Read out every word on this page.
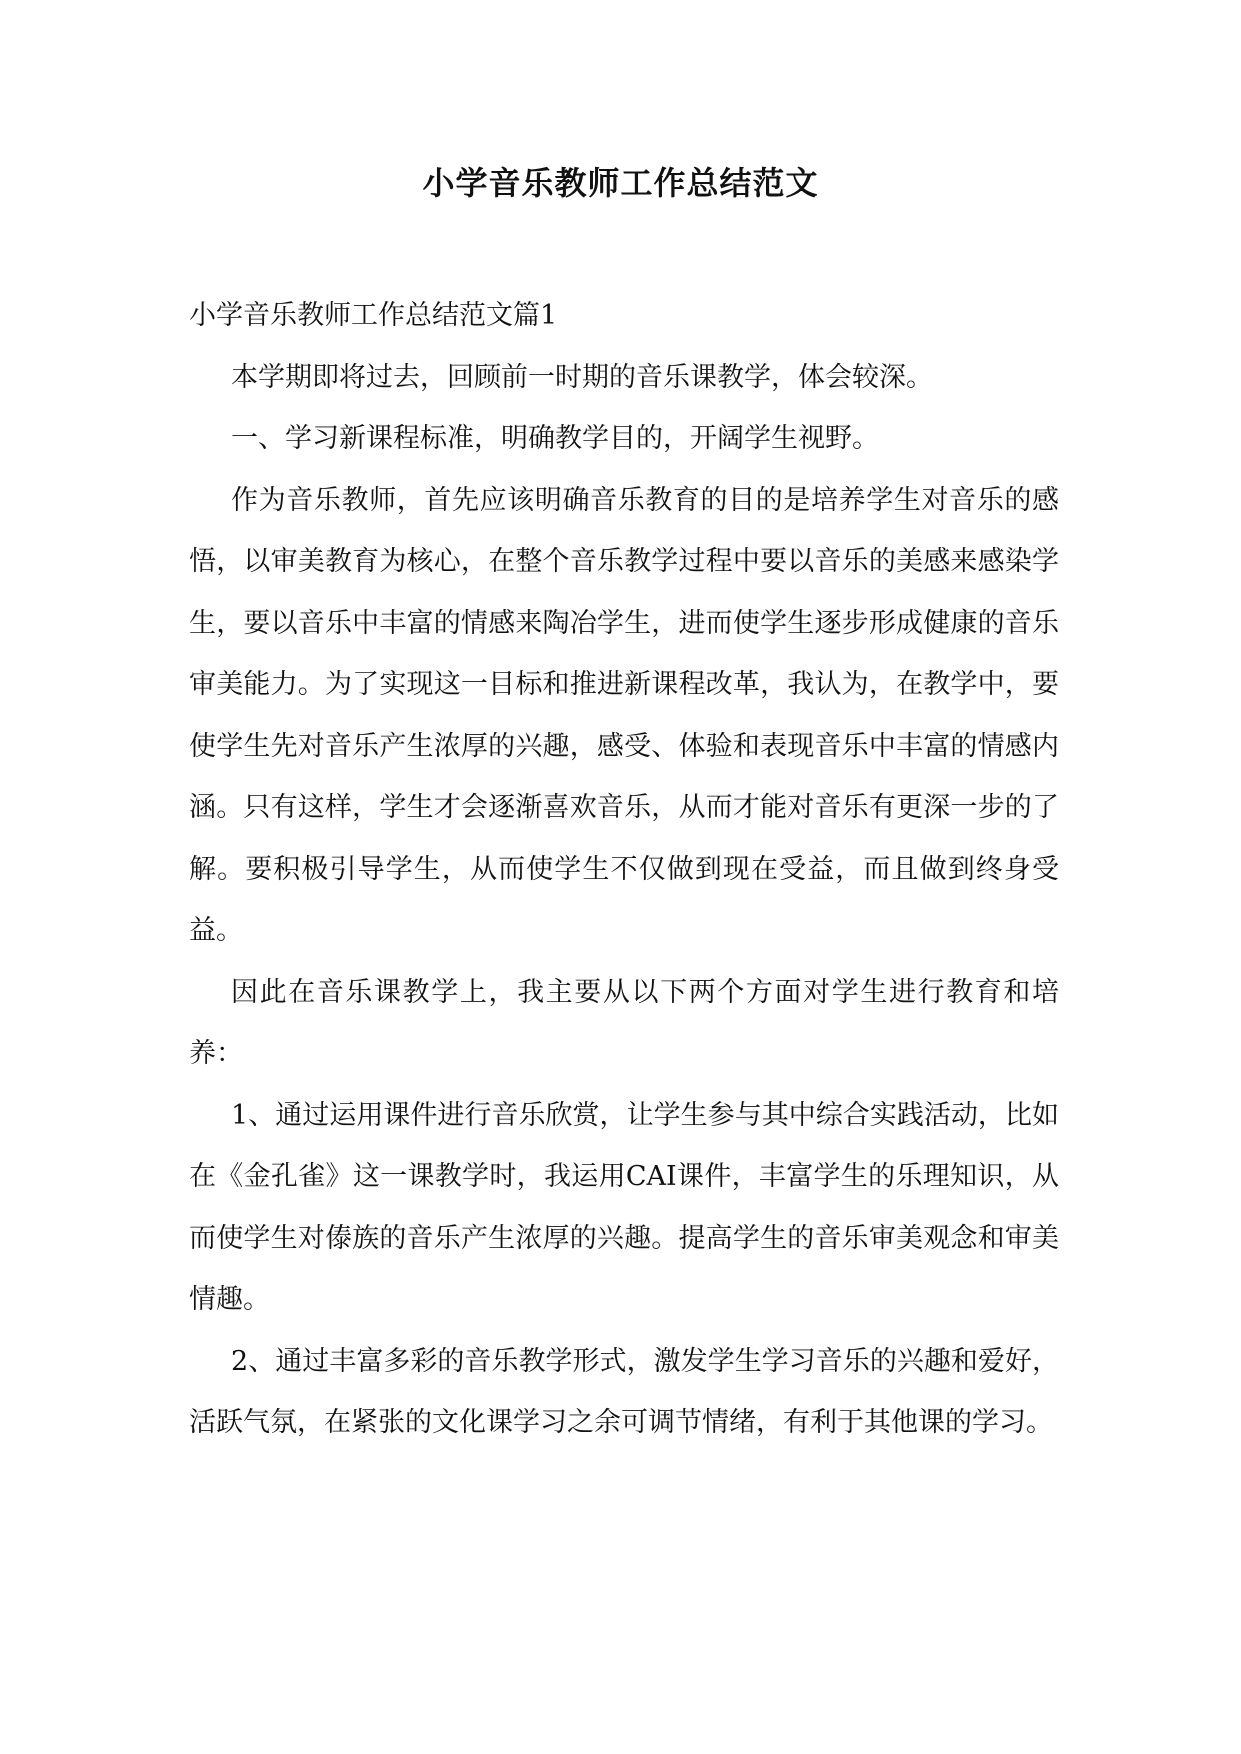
小学音乐教师工作总结范文

小学音乐教师工作总结范文篇1

本学期即将过去，回顾前一时期的音乐课教学，体会较深。

一、学习新课程标准，明确教学目的，开阔学生视野。

作为音乐教师，首先应该明确音乐教育的目的是培养学生对音乐的感悟，以审美教育为核心，在整个音乐教学过程中要以音乐的美感来感染学生，要以音乐中丰富的情感来陶冶学生，进而使学生逐步形成健康的音乐审美能力。为了实现这一目标和推进新课程改革，我认为，在教学中，要使学生先对音乐产生浓厚的兴趣，感受、体验和表现音乐中丰富的情感内涵。只有这样，学生才会逐渐喜欢音乐，从而才能对音乐有更深一步的了解。要积极引导学生，从而使学生不仅做到现在受益，而且做到终身受益。

因此在音乐课教学上，我主要从以下两个方面对学生进行教育和培养：

1、通过运用课件进行音乐欣赏，让学生参与其中综合实践活动，比如在《金孔雀》这一课教学时，我运用CAI课件，丰富学生的乐理知识，从而使学生对傣族的音乐产生浓厚的兴趣。提高学生的音乐审美观念和审美情趣。

2、通过丰富多彩的音乐教学形式，激发学生学习音乐的兴趣和爱好，活跃气氛，在紧张的文化课学习之余可调节情绪，有利于其他课的学习。
